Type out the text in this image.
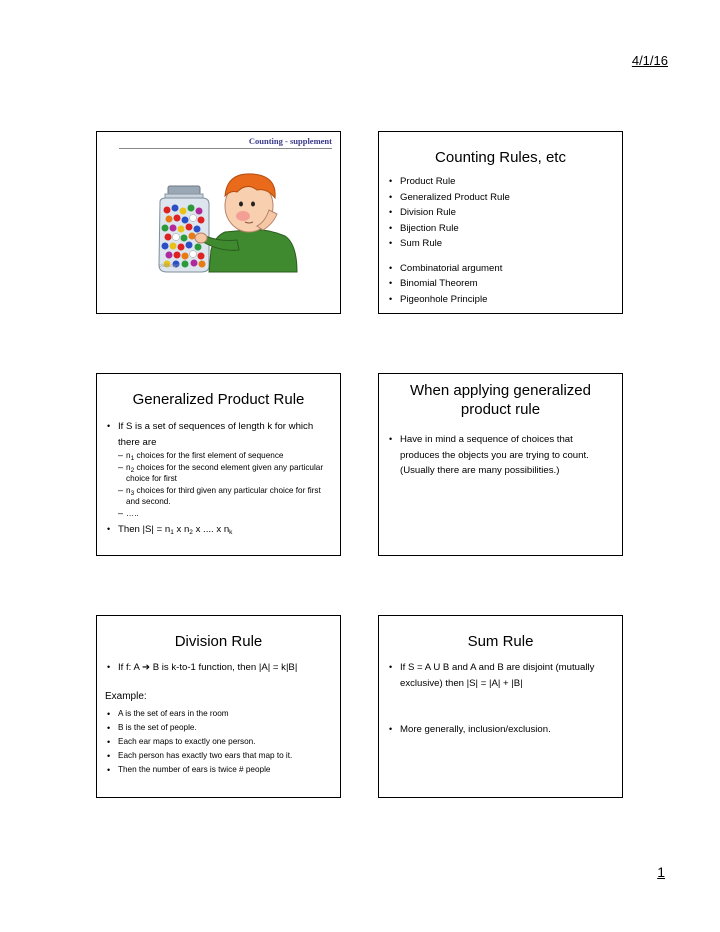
4/1/16
Counting - supplement
phillit.com
Counting Rules, etc
• Product Rule
• Generalized Product Rule
• Division Rule
• Bijection Rule
• Sum Rule
• Combinatorial argument
• Binomial Theorem
• Pigeonhole Principle
Generalized Product Rule
• If S is a set of sequences of length k for which there are
– $n_1$ choices for the first element of sequence
– $n_2$ choices for the second element given any particular choice for first
– $n_3$ choices for third given any particular choice for first and second.
– …..
• Then $|S| = n_1$ x $n_2$ x .... x $n_k$
When applying generalized product rule
• Have in mind a sequence of choices that produces the objects you are trying to count. (Usually there are many possibilities.)
Division Rule
• If f: A ➔ B is k-to-1 function, then |A| = k|B|
Example:
• A is the set of ears in the room
• B is the set of people.
• Each ear maps to exactly one person.
• Each person has exactly two ears that map to it.
• Then the number of ears is twice # people
Sum Rule
• If S = A U B and A and B are disjoint (mutually exclusive) then |S| = |A| + |B|
• More generally, inclusion/exclusion.
1
